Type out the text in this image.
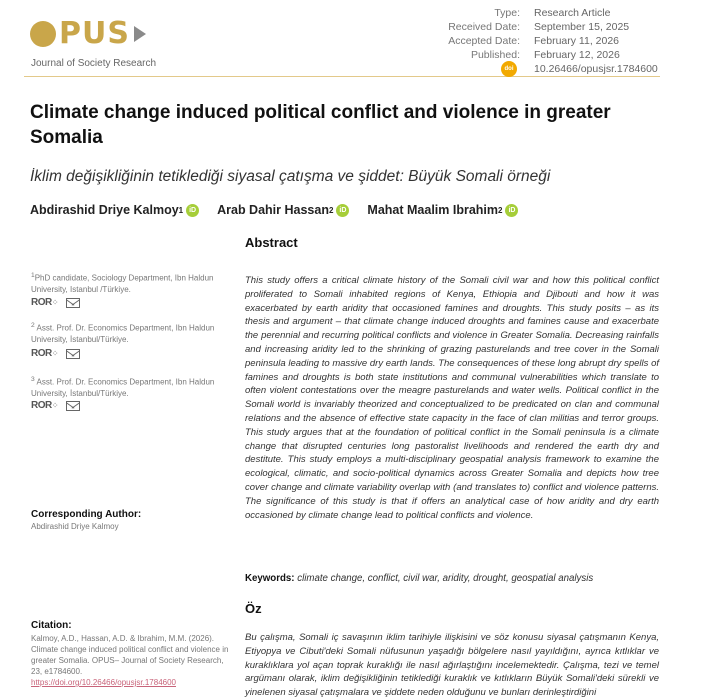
PUS
Journal of Society Research
Type:	Research Article
Received Date:	September 15, 2025
Accepted Date:	February 11, 2026
Published:	February 12, 2026
10.26466/opusjsr.1784600
doi
Climate change induced political conflict and violence in greater Somalia
İklim değişikliğinin tetiklediği siyasal çatışma ve şiddet: Büyük Somali örneği
Abdirashid Driye Kalmoy 1 iD Arab Dahir Hassan 2 iD Mahat Maalim Ibrahim 2 iD
$^1$PhD candidate, Sociology Department, Ibn Haldun University, Istanbul /Türkiye.
ROR⁘
$^2$ Asst. Prof. Dr. Economics Department, Ibn Haldun University, İstanbul/Türkiye.
ROR⁘
$^3$ Asst. Prof. Dr. Economics Department, Ibn Haldun University, İstanbul/Türkiye.
ROR⁘
Corresponding Author:
Abdirashid Driye Kalmoy
Citation:
Kalmoy, A.D., Hassan, A.D. & Ibrahim, M.M. (2026). Climate change induced political conflict and violence in greater Somalia. OPUS– Journal of Society Research, 23, e1784600.
https://doi.org/10.26466/opusjsr.1784600
Abstract
This study offers a critical climate history of the Somali civil war and how this political conflict proliferated to Somali inhabited regions of Kenya, Ethiopia and Djibouti and how it was exacerbated by earth aridity that occasioned famines and droughts. This study posits – as its thesis and argument – that climate change induced droughts and famines cause and exacerbate the perennial and recurring political conflicts and violence in Greater Somalia. Decreasing rainfalls and increasing aridity led to the shrinking of grazing pasturelands and tree cover in the Somali peninsula leading to massive dry earth lands. The consequences of these long abrupt dry spells of famines and droughts is both state institutions and communal vulnerabilities which translate to often violent contestations over the meagre pasturelands and water wells. Political conflict in the Somali world is invariably theorized and conceptualized to be predicated on clan and communal relations and the absence of effective state capacity in the face of clan militias and terror groups. This study argues that at the foundation of political conflict in the Somali peninsula is a climate change that disrupted centuries long pastoralist livelihoods and rendered the earth dry and destitute. This study employs a multi-disciplinary geospatial analysis framework to examine the ecological, climatic, and socio-political dynamics across Greater Somalia and depicts how tree cover change and climate variability overlap with (and translates to) conflict and violence patterns. The significance of this study is that if offers an analytical case of how aridity and dry earth occasioned by climate change lead to political conflicts and violence.
Keywords: climate change, conflict, civil war, aridity, drought, geospatial analysis
Öz
Bu çalışma, Somali iç savaşının iklim tarihiyle ilişkisini ve söz konusu siyasal çatışmanın Kenya, Etiyopya ve Cibuti'deki Somali nüfusunun yaşadığı bölgelere nasıl yayıldığını, ayrıca kıtlıklar ve kuraklıklara yol açan toprak kuraklığı ile nasıl ağırlaştığını incelemektedir. Çalışma, tezi ve temel argümanı olarak, iklim değişikliğinin tetiklediği kuraklık ve kıtlıkların Büyük Somali'deki sürekli ve yinelenen siyasal çatışmalara ve şiddete neden olduğunu ve bunları derinleştirdiğini
